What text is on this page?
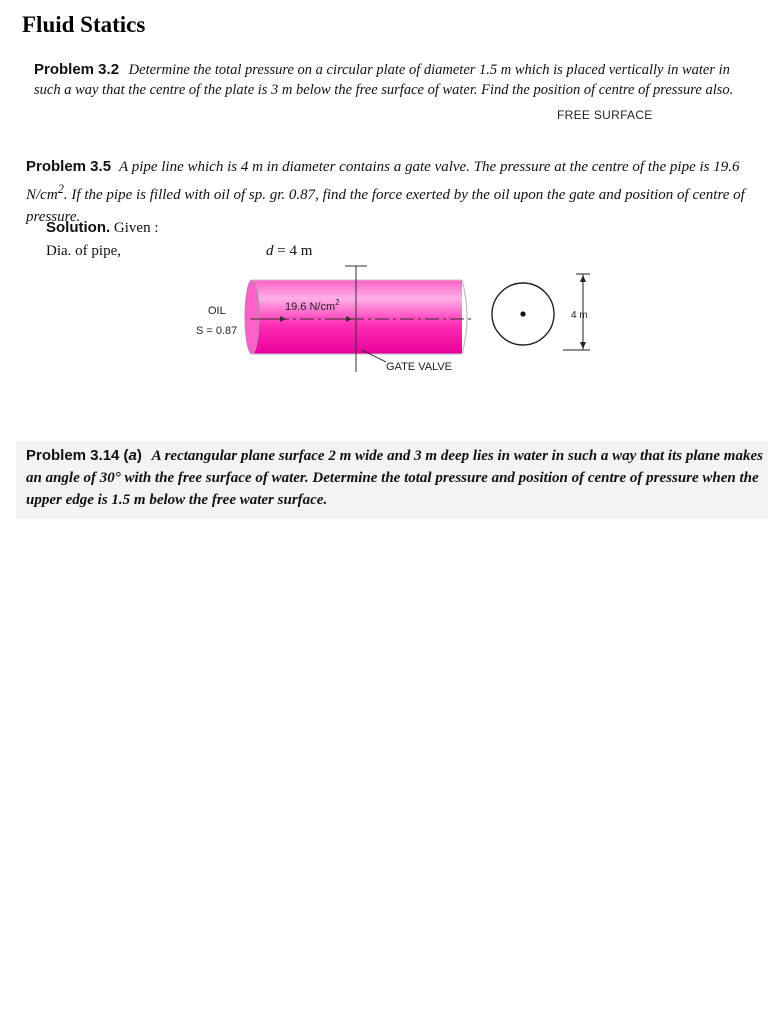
Fluid Statics
Problem 3.2 Determine the total pressure on a circular plate of diameter 1.5 m which is placed vertically in water in such a way that the centre of the plate is 3 m below the free surface of water. Find the position of centre of pressure also.
FREE SURFACE
Problem 3.5 A pipe line which is 4 m in diameter contains a gate valve. The pressure at the centre of the pipe is 19.6 $N/cm^2$. If the pipe is filled with oil of sp. gr. 0.87, find the force exerted by the oil upon the gate and position of centre of pressure.
Solution. Given :
Dia. of pipe,	d = 4 m
OIL
S = 0.87
19.6 $N/cm^2$
GATE VALVE
4 m
Problem 3.14 (a) A rectangular plane surface 2 m wide and 3 m deep lies in water in such a way that its plane makes an angle of 30° with the free surface of water. Determine the total pressure and position of centre of pressure when the upper edge is 1.5 m below the free water surface.
